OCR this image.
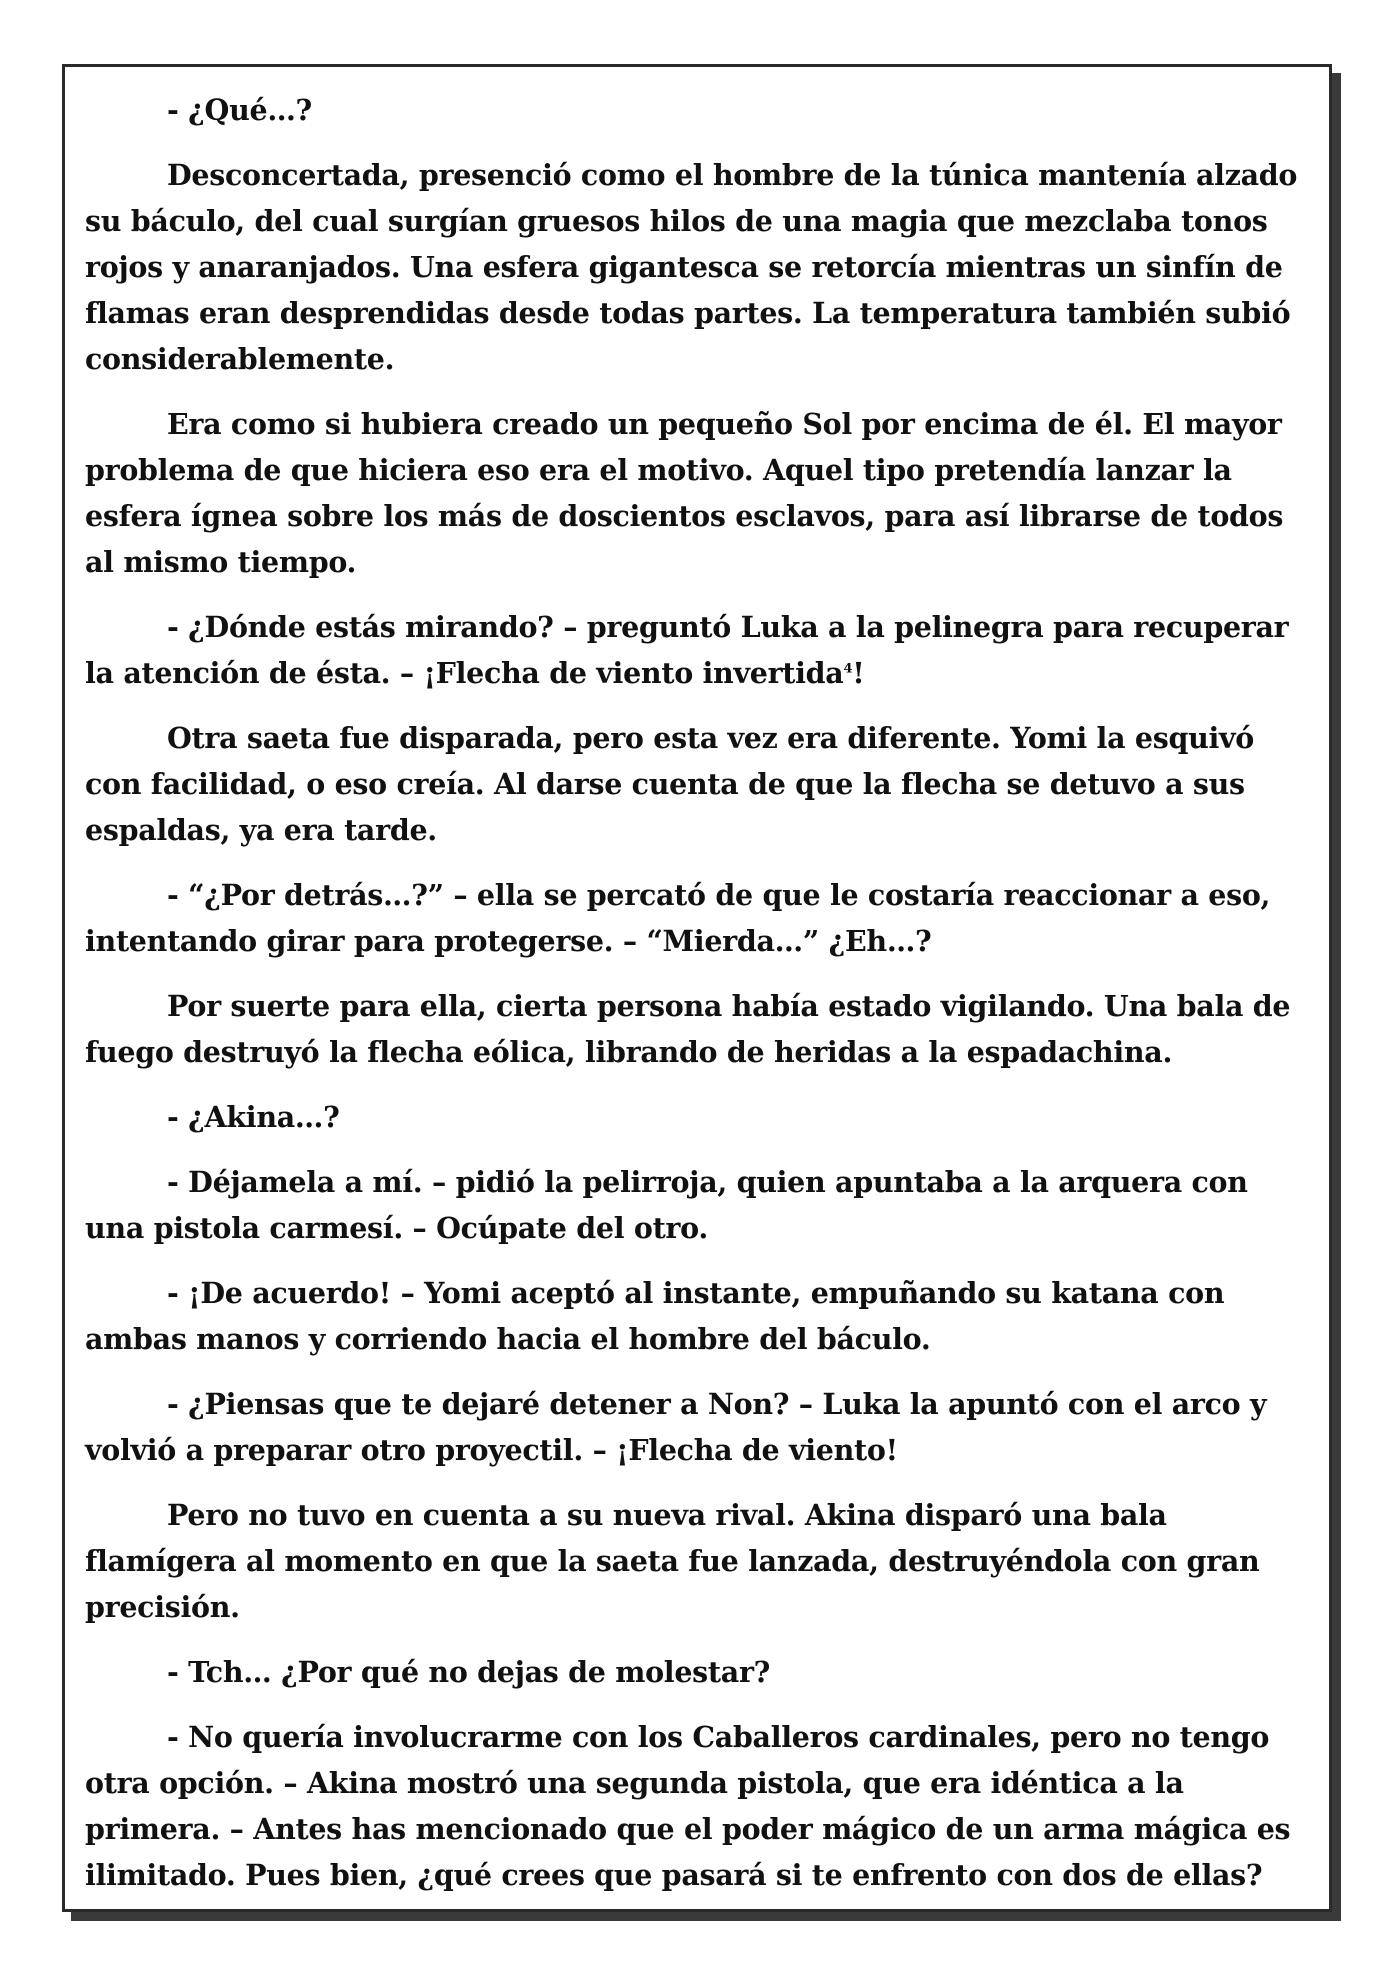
- ¿Qué…?

Desconcertada, presenció como el hombre de la túnica mantenía alzado su báculo, del cual surgían gruesos hilos de una magia que mezclaba tonos rojos y anaranjados. Una esfera gigantesca se retorcía mientras un sinfín de flamas eran desprendidas desde todas partes. La temperatura también subió considerablemente.

Era como si hubiera creado un pequeño Sol por encima de él. El mayor problema de que hiciera eso era el motivo. Aquel tipo pretendía lanzar la esfera ígnea sobre los más de doscientos esclavos, para así librarse de todos al mismo tiempo.

- ¿Dónde estás mirando? – preguntó Luka a la pelinegra para recuperar la atención de ésta. – ¡Flecha de viento invertida$^4$!

Otra saeta fue disparada, pero esta vez era diferente. Yomi la esquivó con facilidad, o eso creía. Al darse cuenta de que la flecha se detuvo a sus espaldas, ya era tarde.

- “¿Por detrás…?” – ella se percató de que le costaría reaccionar a eso, intentando girar para protegerse. – “Mierda…” ¿Eh…?

Por suerte para ella, cierta persona había estado vigilando. Una bala de fuego destruyó la flecha eólica, librando de heridas a la espadachina.

- ¿Akina…?

- Déjamela a mí. – pidió la pelirroja, quien apuntaba a la arquera con una pistola carmesí. – Ocúpate del otro.

- ¡De acuerdo! – Yomi aceptó al instante, empuñando su katana con ambas manos y corriendo hacia el hombre del báculo.

- ¿Piensas que te dejaré detener a Non? – Luka la apuntó con el arco y volvió a preparar otro proyectil. – ¡Flecha de viento!

Pero no tuvo en cuenta a su nueva rival. Akina disparó una bala flamígera al momento en que la saeta fue lanzada, destruyéndola con gran precisión.

- Tch… ¿Por qué no dejas de molestar?

- No quería involucrarme con los Caballeros cardinales, pero no tengo otra opción. – Akina mostró una segunda pistola, que era idéntica a la primera. – Antes has mencionado que el poder mágico de un arma mágica es ilimitado. Pues bien, ¿qué crees que pasará si te enfrento con dos de ellas?
